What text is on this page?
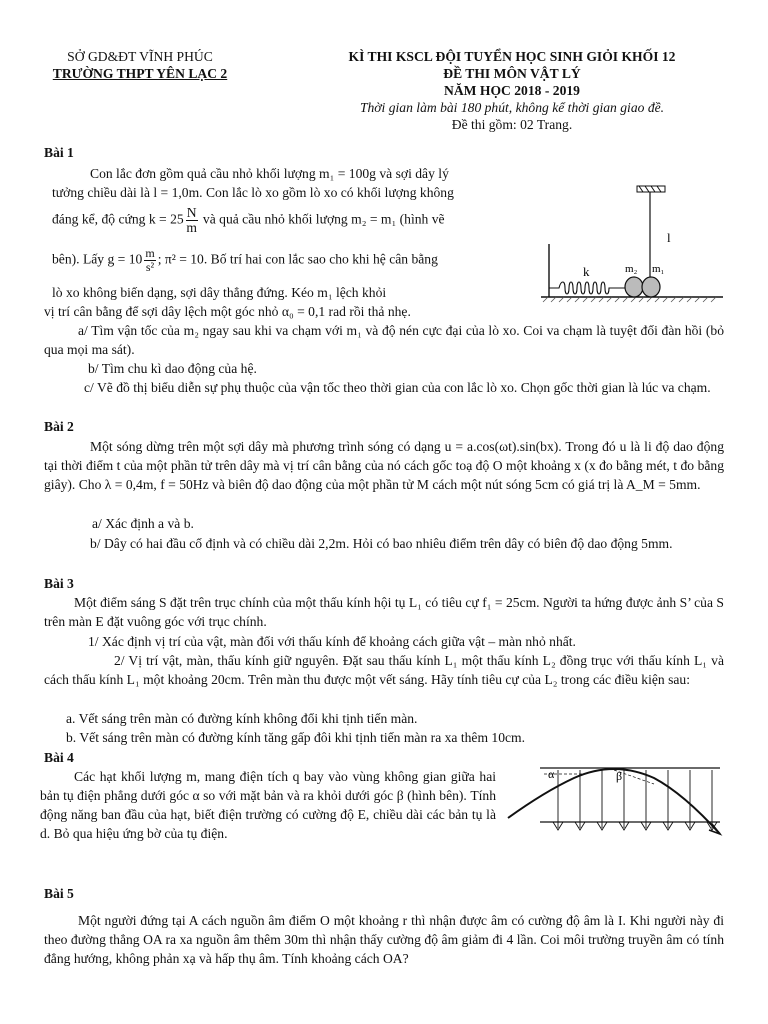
SỞ GD&ĐT VĨNH PHÚC
TRƯỜNG THPT YÊN LẠC 2
KÌ THI KSCL ĐỘI TUYỂN HỌC SINH GIỎI KHỐI 12
ĐỀ THI MÔN VẬT LÝ
NĂM HỌC 2018 - 2019
Thời gian làm bài 180 phút, không kể thời gian giao đề.
Đề thi gồm: 02 Trang.
Bài 1
Con lắc đơn gồm quả cầu nhỏ khối lượng m₁ = 100g và sợi dây lý
tưởng chiều dài là l = 1,0m. Con lắc lò xo gồm lò xo có khối lượng không
đáng kể, độ cứng $k = 25 \frac{N}{m}$ và quả cầu nhỏ khối lượng m₂ = m₁ (hình vẽ
bên). Lấy $g = 10 \frac{m}{\text{s²}}$ ; π² = 10. Bố trí hai con lắc sao cho khi hệ cân bằng
lò xo không biến dạng, sợi dây thẳng đứng. Kéo m₁ lệch khỏi
vị trí cân bằng để sợi dây lệch một góc nhỏ α₀ = 0,1 rad rồi thả nhẹ.
a/ Tìm vận tốc của m₂ ngay sau khi va chạm với m₁ và độ nén cực đại của lò xo. Coi va chạm là tuyệt đối đàn hồi (bỏ qua mọi ma sát).
b/ Tìm chu kì dao động của hệ.
c/ Vẽ đồ thị biểu diễn sự phụ thuộc của vận tốc theo thời gian của con lắc lò xo. Chọn gốc thời gian là lúc va chạm.
l
k	m₂ m₁
Bài 2
Một sóng dừng trên một sợi dây mà phương trình sóng có dạng u = a.cos(ωt).sin(bx). Trong đó u là li độ dao động tại thời điểm t của một phần tử trên dây mà vị trí cân bằng của nó cách gốc toạ độ O một khoảng x (x đo bằng mét, t đo bằng giây). Cho λ = 0,4m, f = 50Hz và biên độ dao động của một phần tử M cách một nút sóng 5cm có giá trị là A_M = 5mm.
a/ Xác định a và b.
b/ Dây có hai đầu cố định và có chiều dài 2,2m. Hỏi có bao nhiêu điểm trên dây có biên độ dao động 5mm.
Bài 3
Một điểm sáng S đặt trên trục chính của một thấu kính hội tụ L₁ có tiêu cự f₁ = 25cm. Người ta hứng được ảnh S’ của S trên màn E đặt vuông góc với trục chính.
1/ Xác định vị trí của vật, màn đối với thấu kính để khoảng cách giữa vật – màn nhỏ nhất.
2/ Vị trí vật, màn, thấu kính giữ nguyên. Đặt sau thấu kính L₁ một thấu kính L₂ đồng trục với thấu kính L₁ và cách thấu kính L₁ một khoảng 20cm. Trên màn thu được một vết sáng. Hãy tính tiêu cự của L₂ trong các điều kiện sau:
a. Vết sáng trên màn có đường kính không đổi khi tịnh tiến màn.
b. Vết sáng trên màn có đường kính tăng gấp đôi khi tịnh tiến màn ra xa thêm 10cm.
Bài 4
Các hạt khối lượng m, mang điện tích q bay vào vùng không gian giữa hai bản tụ điện phẳng dưới góc α so với mặt bản và ra khỏi dưới góc β (hình bên). Tính động năng ban đầu của hạt, biết điện trường có cường độ E, chiều dài các bản tụ là d. Bỏ qua hiệu ứng bờ của tụ điện.
α	β
Bài 5
Một người đứng tại A cách nguồn âm điểm O một khoảng r thì nhận được âm có cường độ âm là I. Khi người này đi theo đường thẳng OA ra xa nguồn âm thêm 30m thì nhận thấy cường độ âm giảm đi 4 lần. Coi môi trường truyền âm có tính đẳng hướng, không phản xạ và hấp thụ âm. Tính khoảng cách OA?
